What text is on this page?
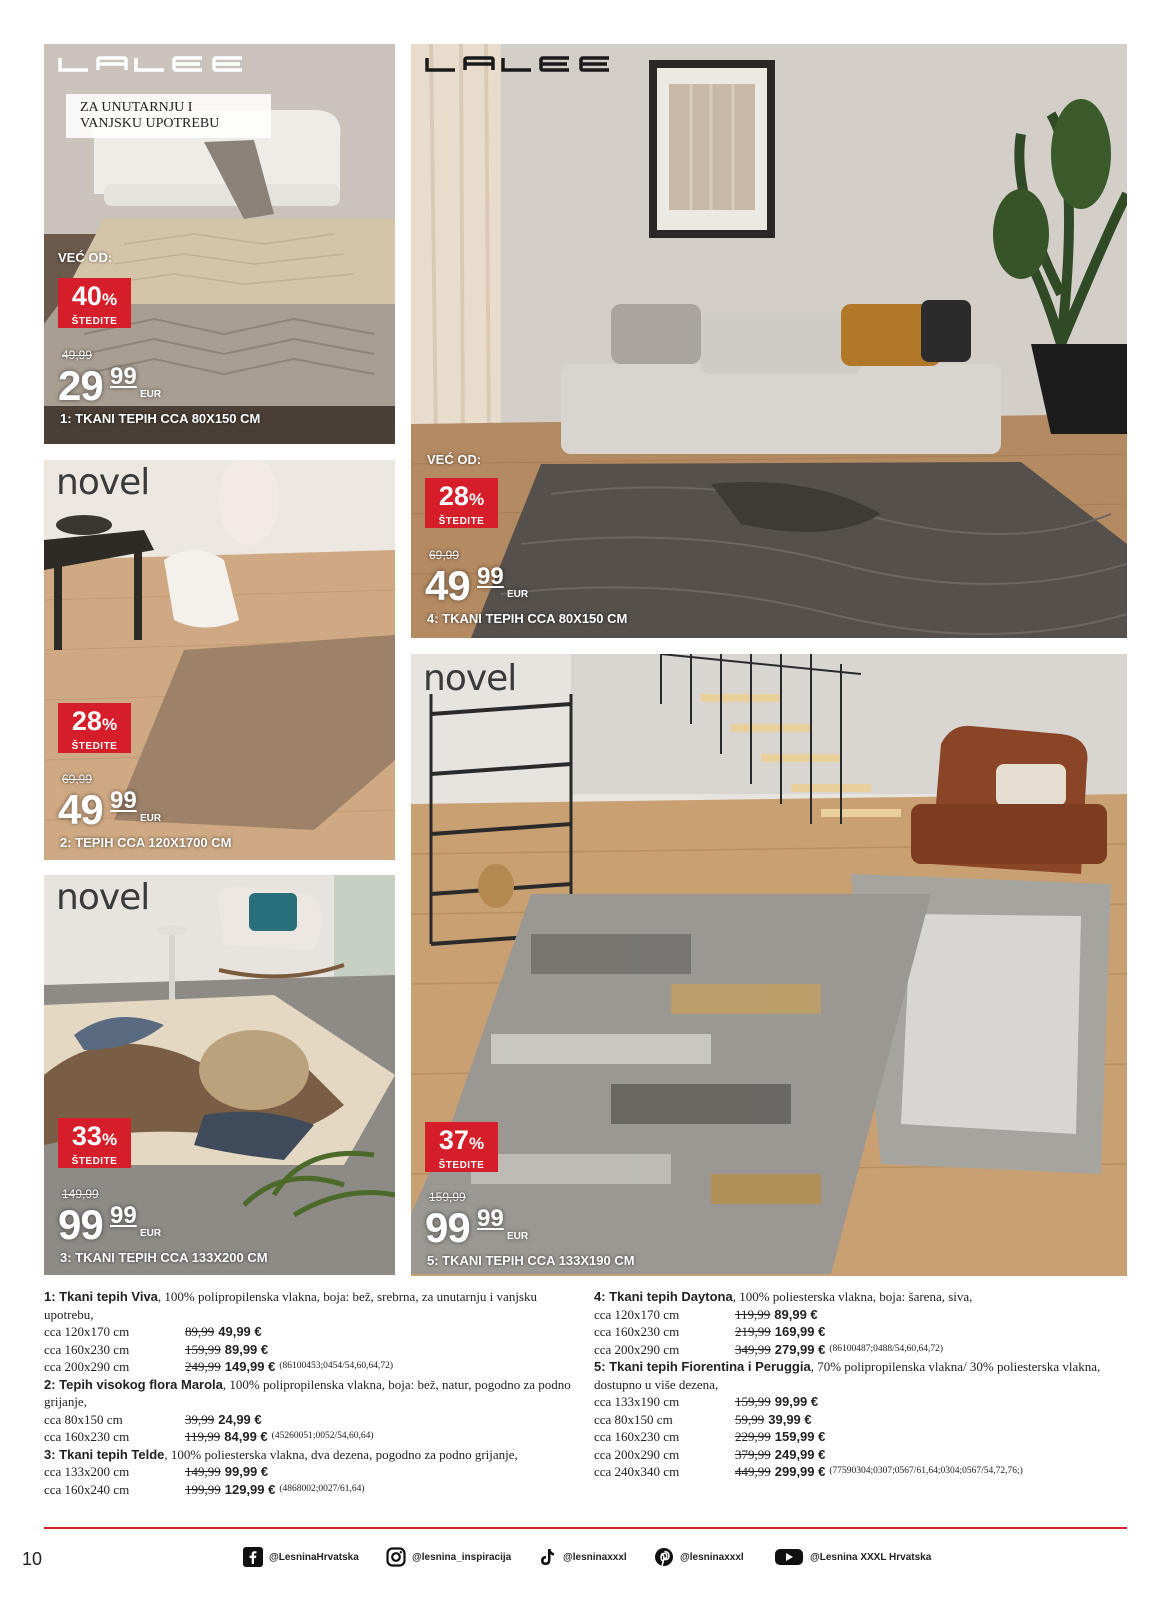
ZA UNUTARNJU I VANJSKU UPOTREBU
VEĆ OD:
40%
ŠTEDITE
49,99
29 99
EUR
1: TKANI TEPIH CCA 80X150 CM
novel
28%
ŠTEDITE
69,99
49 99
EUR
2: TEPIH CCA 120X1700 CM
novel
33%
ŠTEDITE
149,99
99 99
EUR
3: TKANI TEPIH CCA 133X200 CM
VEĆ OD:
28%
ŠTEDITE
69,99
49 99
EUR
4: TKANI TEPIH CCA 80X150 CM
novel
37%
ŠTEDITE
159,99
99 99
EUR
5: TKANI TEPIH CCA 133X190 CM
1: Tkani tepih Viva, 100% polipropilenska vlakna, boja: bež, srebrna, za unutarnju i vanjsku upotrebu,
cca 120x170 cm	89,99 49,99 €
cca 160x230 cm	159,99 89,99 €
cca 200x290 cm	249,99 149,99 € (86100453;0454/54,60,64,72)
2: Tepih visokog flora Marola, 100% polipropilenska vlakna, boja: bež, natur, pogodno za podno grijanje,
cca 80x150 cm	39,99 24,99 €
cca 160x230 cm	119,99 84,99 € (45260051;0052/54,60,64)
3: Tkani tepih Telde, 100% poliesterska vlakna, dva dezena, pogodno za podno grijanje,
cca 133x200 cm	149,99 99,99 €
cca 160x240 cm	199,99 129,99 € (4868002;0027/61,64)
4: Tkani tepih Daytona, 100% poliesterska vlakna, boja: šarena, siva,
cca 120x170 cm	119,99 89,99 €
cca 160x230 cm	219,99 169,99 €
cca 200x290 cm	349,99 279,99 € (86100487;0488/54,60,64,72)
5: Tkani tepih Fiorentina i Peruggia, 70% polipropilenska vlakna/ 30% poliesterska vlakna, dostupno u više dezena,
cca 133x190 cm	159,99 99,99 €
cca 80x150 cm	59,99 39,99 €
cca 160x230 cm	229,99 159,99 €
cca 200x290 cm	379,99 249,99 €
cca 240x340 cm	449,99 299,99 € (77590304;0307;0567/61,64;0304;0567/54,72,76;)
10	@LesninaHrvatska	@lesnina_inspiracija	@lesninaxxxl	@lesninaxxxl	@Lesnina XXXL Hrvatska
